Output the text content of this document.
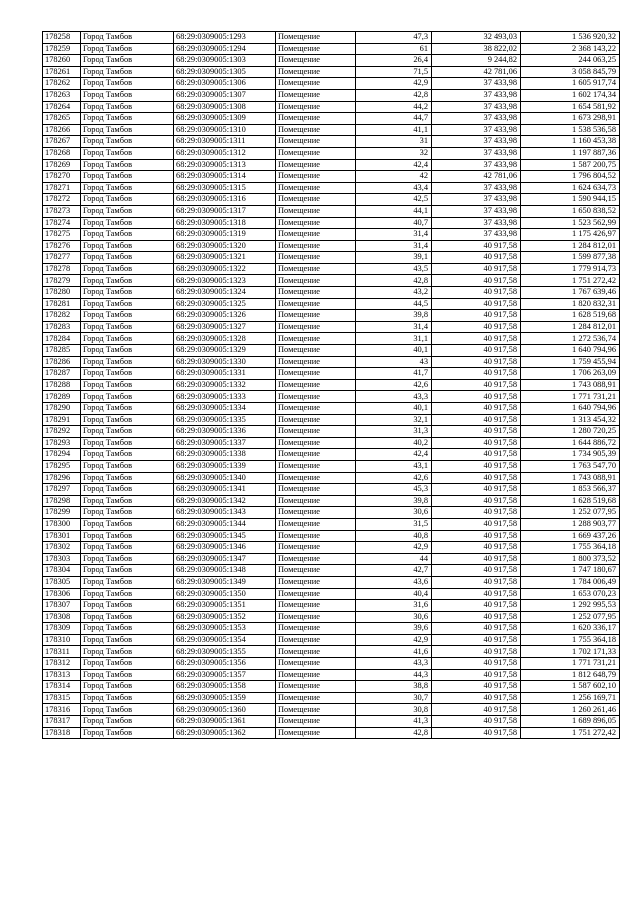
178258	Город Тамбов	68:29:0309005:1293	Помещение	47,3	32 493,03	1 536 920,32
178259	Город Тамбов	68:29:0309005:1294	Помещение	61	38 822,02	2 368 143,22
178260	Город Тамбов	68:29:0309005:1303	Помещение	26,4	9 244,82	244 063,25
178261	Город Тамбов	68:29:0309005:1305	Помещение	71,5	42 781,06	3 058 845,79
178262	Город Тамбов	68:29:0309005:1306	Помещение	42,9	37 433,98	1 605 917,74
178263	Город Тамбов	68:29:0309005:1307	Помещение	42,8	37 433,98	1 602 174,34
178264	Город Тамбов	68:29:0309005:1308	Помещение	44,2	37 433,98	1 654 581,92
178265	Город Тамбов	68:29:0309005:1309	Помещение	44,7	37 433,98	1 673 298,91
178266	Город Тамбов	68:29:0309005:1310	Помещение	41,1	37 433,98	1 538 536,58
178267	Город Тамбов	68:29:0309005:1311	Помещение	31	37 433,98	1 160 453,38
178268	Город Тамбов	68:29:0309005:1312	Помещение	32	37 433,98	1 197 887,36
178269	Город Тамбов	68:29:0309005:1313	Помещение	42,4	37 433,98	1 587 200,75
178270	Город Тамбов	68:29:0309005:1314	Помещение	42	42 781,06	1 796 804,52
178271	Город Тамбов	68:29:0309005:1315	Помещение	43,4	37 433,98	1 624 634,73
178272	Город Тамбов	68:29:0309005:1316	Помещение	42,5	37 433,98	1 590 944,15
178273	Город Тамбов	68:29:0309005:1317	Помещение	44,1	37 433,98	1 650 838,52
178274	Город Тамбов	68:29:0309005:1318	Помещение	40,7	37 433,98	1 523 562,99
178275	Город Тамбов	68:29:0309005:1319	Помещение	31,4	37 433,98	1 175 426,97
178276	Город Тамбов	68:29:0309005:1320	Помещение	31,4	40 917,58	1 284 812,01
178277	Город Тамбов	68:29:0309005:1321	Помещение	39,1	40 917,58	1 599 877,38
178278	Город Тамбов	68:29:0309005:1322	Помещение	43,5	40 917,58	1 779 914,73
178279	Город Тамбов	68:29:0309005:1323	Помещение	42,8	40 917,58	1 751 272,42
178280	Город Тамбов	68:29:0309005:1324	Помещение	43,2	40 917,58	1 767 639,46
178281	Город Тамбов	68:29:0309005:1325	Помещение	44,5	40 917,58	1 820 832,31
178282	Город Тамбов	68:29:0309005:1326	Помещение	39,8	40 917,58	1 628 519,68
178283	Город Тамбов	68:29:0309005:1327	Помещение	31,4	40 917,58	1 284 812,01
178284	Город Тамбов	68:29:0309005:1328	Помещение	31,1	40 917,58	1 272 536,74
178285	Город Тамбов	68:29:0309005:1329	Помещение	40,1	40 917,58	1 640 794,96
178286	Город Тамбов	68:29:0309005:1330	Помещение	43	40 917,58	1 759 455,94
178287	Город Тамбов	68:29:0309005:1331	Помещение	41,7	40 917,58	1 706 263,09
178288	Город Тамбов	68:29:0309005:1332	Помещение	42,6	40 917,58	1 743 088,91
178289	Город Тамбов	68:29:0309005:1333	Помещение	43,3	40 917,58	1 771 731,21
178290	Город Тамбов	68:29:0309005:1334	Помещение	40,1	40 917,58	1 640 794,96
178291	Город Тамбов	68:29:0309005:1335	Помещение	32,1	40 917,58	1 313 454,32
178292	Город Тамбов	68:29:0309005:1336	Помещение	31,3	40 917,58	1 280 720,25
178293	Город Тамбов	68:29:0309005:1337	Помещение	40,2	40 917,58	1 644 886,72
178294	Город Тамбов	68:29:0309005:1338	Помещение	42,4	40 917,58	1 734 905,39
178295	Город Тамбов	68:29:0309005:1339	Помещение	43,1	40 917,58	1 763 547,70
178296	Город Тамбов	68:29:0309005:1340	Помещение	42,6	40 917,58	1 743 088,91
178297	Город Тамбов	68:29:0309005:1341	Помещение	45,3	40 917,58	1 853 566,37
178298	Город Тамбов	68:29:0309005:1342	Помещение	39,8	40 917,58	1 628 519,68
178299	Город Тамбов	68:29:0309005:1343	Помещение	30,6	40 917,58	1 252 077,95
178300	Город Тамбов	68:29:0309005:1344	Помещение	31,5	40 917,58	1 288 903,77
178301	Город Тамбов	68:29:0309005:1345	Помещение	40,8	40 917,58	1 669 437,26
178302	Город Тамбов	68:29:0309005:1346	Помещение	42,9	40 917,58	1 755 364,18
178303	Город Тамбов	68:29:0309005:1347	Помещение	44	40 917,58	1 800 373,52
178304	Город Тамбов	68:29:0309005:1348	Помещение	42,7	40 917,58	1 747 180,67
178305	Город Тамбов	68:29:0309005:1349	Помещение	43,6	40 917,58	1 784 006,49
178306	Город Тамбов	68:29:0309005:1350	Помещение	40,4	40 917,58	1 653 070,23
178307	Город Тамбов	68:29:0309005:1351	Помещение	31,6	40 917,58	1 292 995,53
178308	Город Тамбов	68:29:0309005:1352	Помещение	30,6	40 917,58	1 252 077,95
178309	Город Тамбов	68:29:0309005:1353	Помещение	39,6	40 917,58	1 620 336,17
178310	Город Тамбов	68:29:0309005:1354	Помещение	42,9	40 917,58	1 755 364,18
178311	Город Тамбов	68:29:0309005:1355	Помещение	41,6	40 917,58	1 702 171,33
178312	Город Тамбов	68:29:0309005:1356	Помещение	43,3	40 917,58	1 771 731,21
178313	Город Тамбов	68:29:0309005:1357	Помещение	44,3	40 917,58	1 812 648,79
178314	Город Тамбов	68:29:0309005:1358	Помещение	38,8	40 917,58	1 587 602,10
178315	Город Тамбов	68:29:0309005:1359	Помещение	30,7	40 917,58	1 256 169,71
178316	Город Тамбов	68:29:0309005:1360	Помещение	30,8	40 917,58	1 260 261,46
178317	Город Тамбов	68:29:0309005:1361	Помещение	41,3	40 917,58	1 689 896,05
178318	Город Тамбов	68:29:0309005:1362	Помещение	42,8	40 917,58	1 751 272,42
